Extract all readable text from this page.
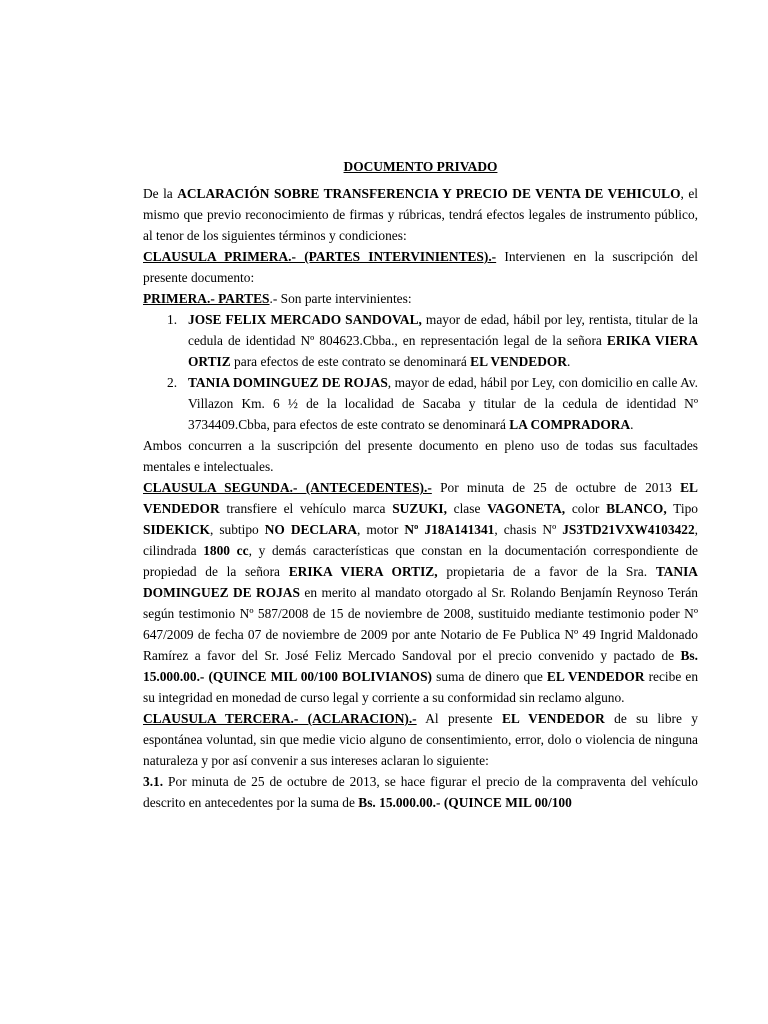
DOCUMENTO PRIVADO

De la ACLARACIÓN SOBRE TRANSFERENCIA Y PRECIO DE VENTA DE VEHICULO, el mismo que previo reconocimiento de firmas y rúbricas, tendrá efectos legales de instrumento público, al tenor de los siguientes términos y condiciones:

CLAUSULA PRIMERA.- (PARTES INTERVINIENTES).- Intervienen en la suscripción del presente documento:

PRIMERA.- PARTES.- Son parte intervinientes:

1. JOSE FELIX MERCADO SANDOVAL, mayor de edad, hábil por ley, rentista, titular de la cedula de identidad Nº 804623.Cbba., en representación legal de la señora ERIKA VIERA ORTIZ para efectos de este contrato se denominará EL VENDEDOR.
2. TANIA DOMINGUEZ DE ROJAS, mayor de edad, hábil por Ley, con domicilio en calle Av. Villazon Km. 6 ½ de la localidad de Sacaba y titular de la cedula de identidad Nº 3734409.Cbba, para efectos de este contrato se denominará LA COMPRADORA.

Ambos concurren a la suscripción del presente documento en pleno uso de todas sus facultades mentales e intelectuales.

CLAUSULA SEGUNDA.- (ANTECEDENTES).- Por minuta de 25 de octubre de 2013 EL VENDEDOR transfiere el vehículo marca SUZUKI, clase VAGONETA, color BLANCO, Tipo SIDEKICK, subtipo NO DECLARA, motor Nº J18A141341, chasis Nº JS3TD21VXW4103422, cilindrada 1800 cc, y demás características que constan en la documentación correspondiente de propiedad de la señora ERIKA VIERA ORTIZ, propietaria de a favor de la Sra. TANIA DOMINGUEZ DE ROJAS en merito al mandato otorgado al Sr. Rolando Benjamín Reynoso Terán según testimonio Nº 587/2008 de 15 de noviembre de 2008, sustituido mediante testimonio poder Nº 647/2009 de fecha 07 de noviembre de 2009 por ante Notario de Fe Publica Nº 49 Ingrid Maldonado Ramírez a favor del Sr. José Feliz Mercado Sandoval por el precio convenido y pactado de Bs. 15.000.00.- (QUINCE MIL 00/100 BOLIVIANOS) suma de dinero que EL VENDEDOR recibe en su integridad en monedad de curso legal y corriente a su conformidad sin reclamo alguno.

CLAUSULA TERCERA.- (ACLARACION).- Al presente EL VENDEDOR de su libre y espontánea voluntad, sin que medie vicio alguno de consentimiento, error, dolo o violencia de ninguna naturaleza y por así convenir a sus intereses aclaran lo siguiente:

3.1. Por minuta de 25 de octubre de 2013, se hace figurar el precio de la compraventa del vehículo descrito en antecedentes por la suma de Bs. 15.000.00.- (QUINCE MIL 00/100
